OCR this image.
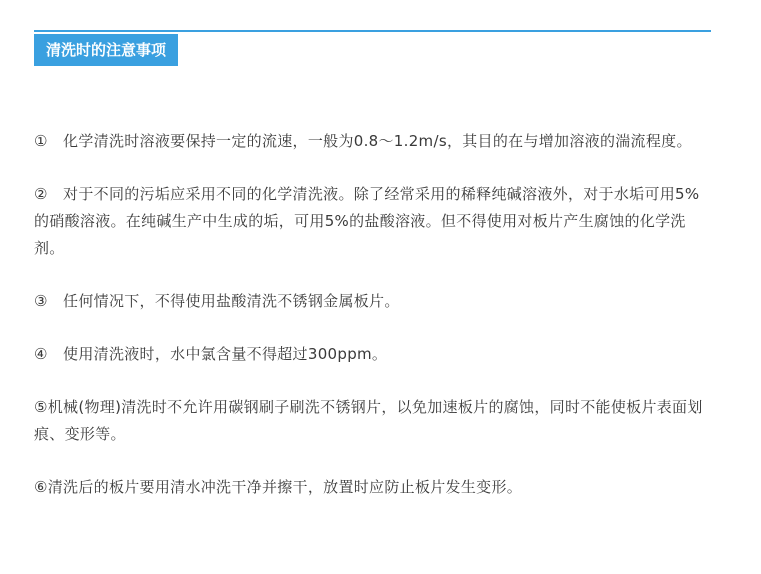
清洗时的注意事项

①　化学清洗时溶液要保持一定的流速，一般为0.8～1.2m/s，其目的在与增加溶液的湍流程度。

②　对于不同的污垢应采用不同的化学清洗液。除了经常采用的稀释纯碱溶液外，对于水垢可用5%的硝酸溶液。在纯碱生产中生成的垢，可用5%的盐酸溶液。但不得使用对板片产生腐蚀的化学洗剂。

③　任何情况下，不得使用盐酸清洗不锈钢金属板片。

④　使用清洗液时，水中氯含量不得超过300ppm。

⑤机械(物理)清洗时不允许用碳钢刷子刷洗不锈钢片，以免加速板片的腐蚀，同时不能使板片表面划痕、变形等。

⑥清洗后的板片要用清水冲洗干净并擦干，放置时应防止板片发生变形。
